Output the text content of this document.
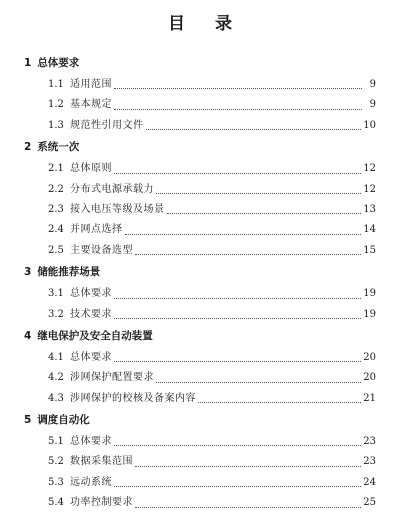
目 录
1 总体要求
1.1 适用范围	9
1.2 基本规定	9
1.3 规范性引用文件	10
2 系统一次
2.1 总体原则	12
2.2 分布式电源承载力	12
2.3 接入电压等级及场景	13
2.4 并网点选择	14
2.5 主要设备选型	15
3 储能推荐场景
3.1 总体要求	19
3.2 技术要求	19
4 继电保护及安全自动装置
4.1 总体要求	20
4.2 涉网保护配置要求	20
4.3 涉网保护的校核及备案内容	21
5 调度自动化
5.1 总体要求	23
5.2 数据采集范围	23
5.3 远动系统	24
5.4 功率控制要求	25
